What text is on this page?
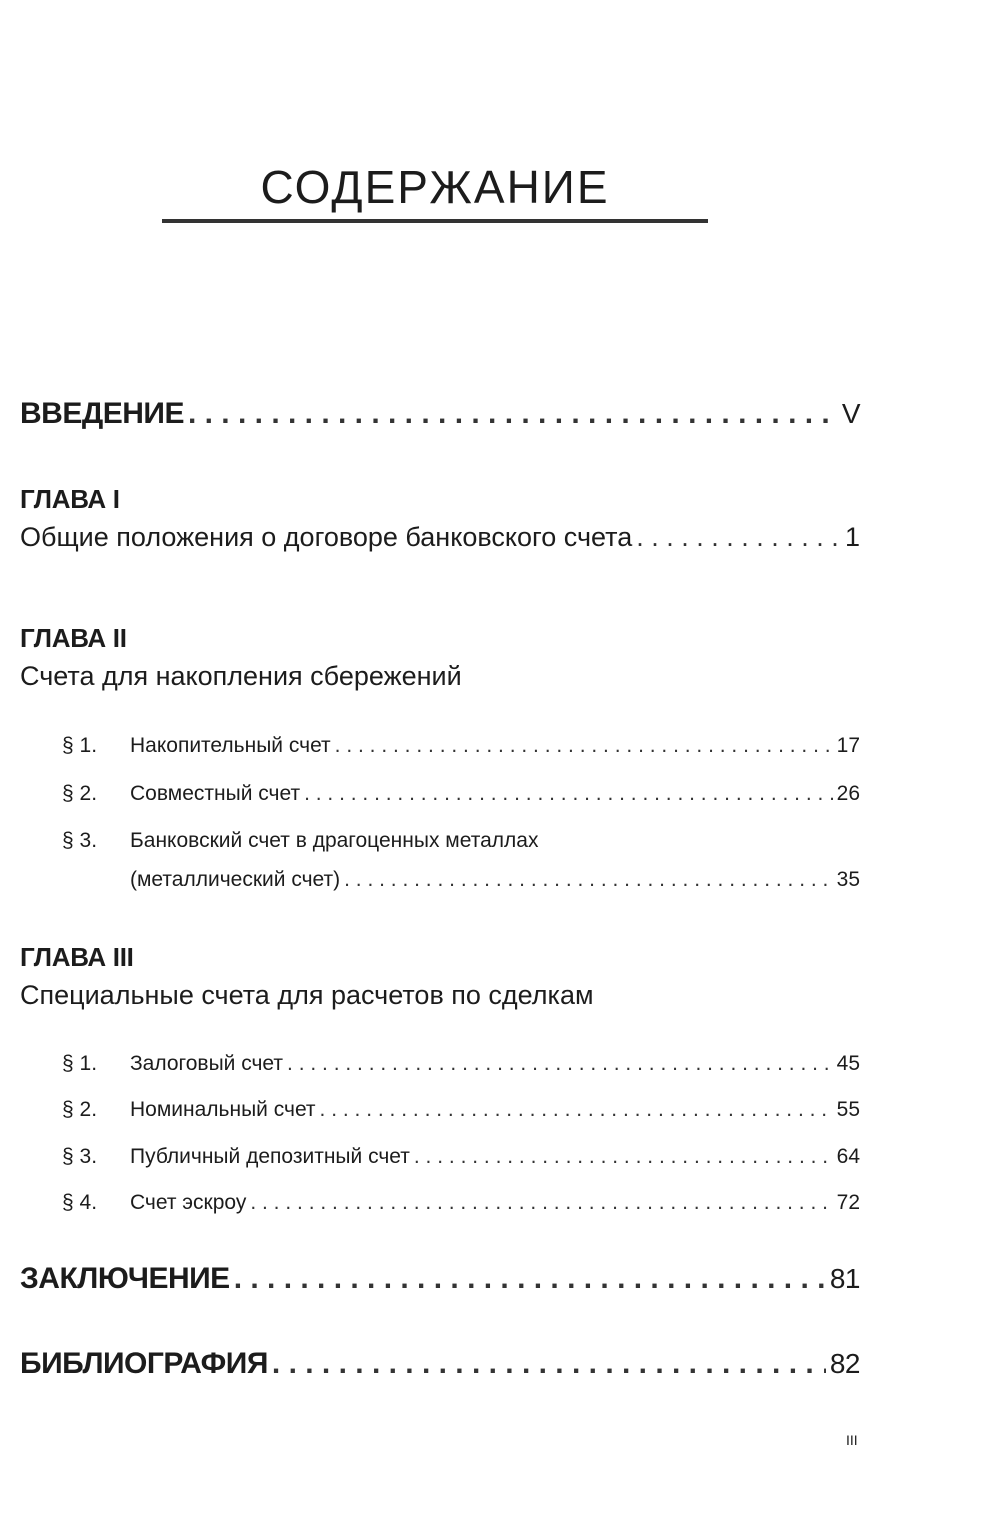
СОДЕРЖАНИЕ
ВВЕДЕНИЕ . . .	V
ГЛАВА I
Общие положения о договоре банковского счета . . .	1
ГЛАВА II
Счета для накопления сбережений
§ 1.	Накопительный счет . . .	17
§ 2.	Совместный счет . . .	26
§ 3.	Банковский счет в драгоценных металлах
(металлический счет) . . .	35
ГЛАВА III
Специальные счета для расчетов по сделкам
§ 1.	Залоговый счет . . .	45
§ 2.	Номинальный счет . . .	55
§ 3.	Публичный депозитный счет . . .	64
§ 4.	Счет эскроу . . .	72
ЗАКЛЮЧЕНИЕ . . .	81
БИБЛИОГРАФИЯ . . .	82
III
